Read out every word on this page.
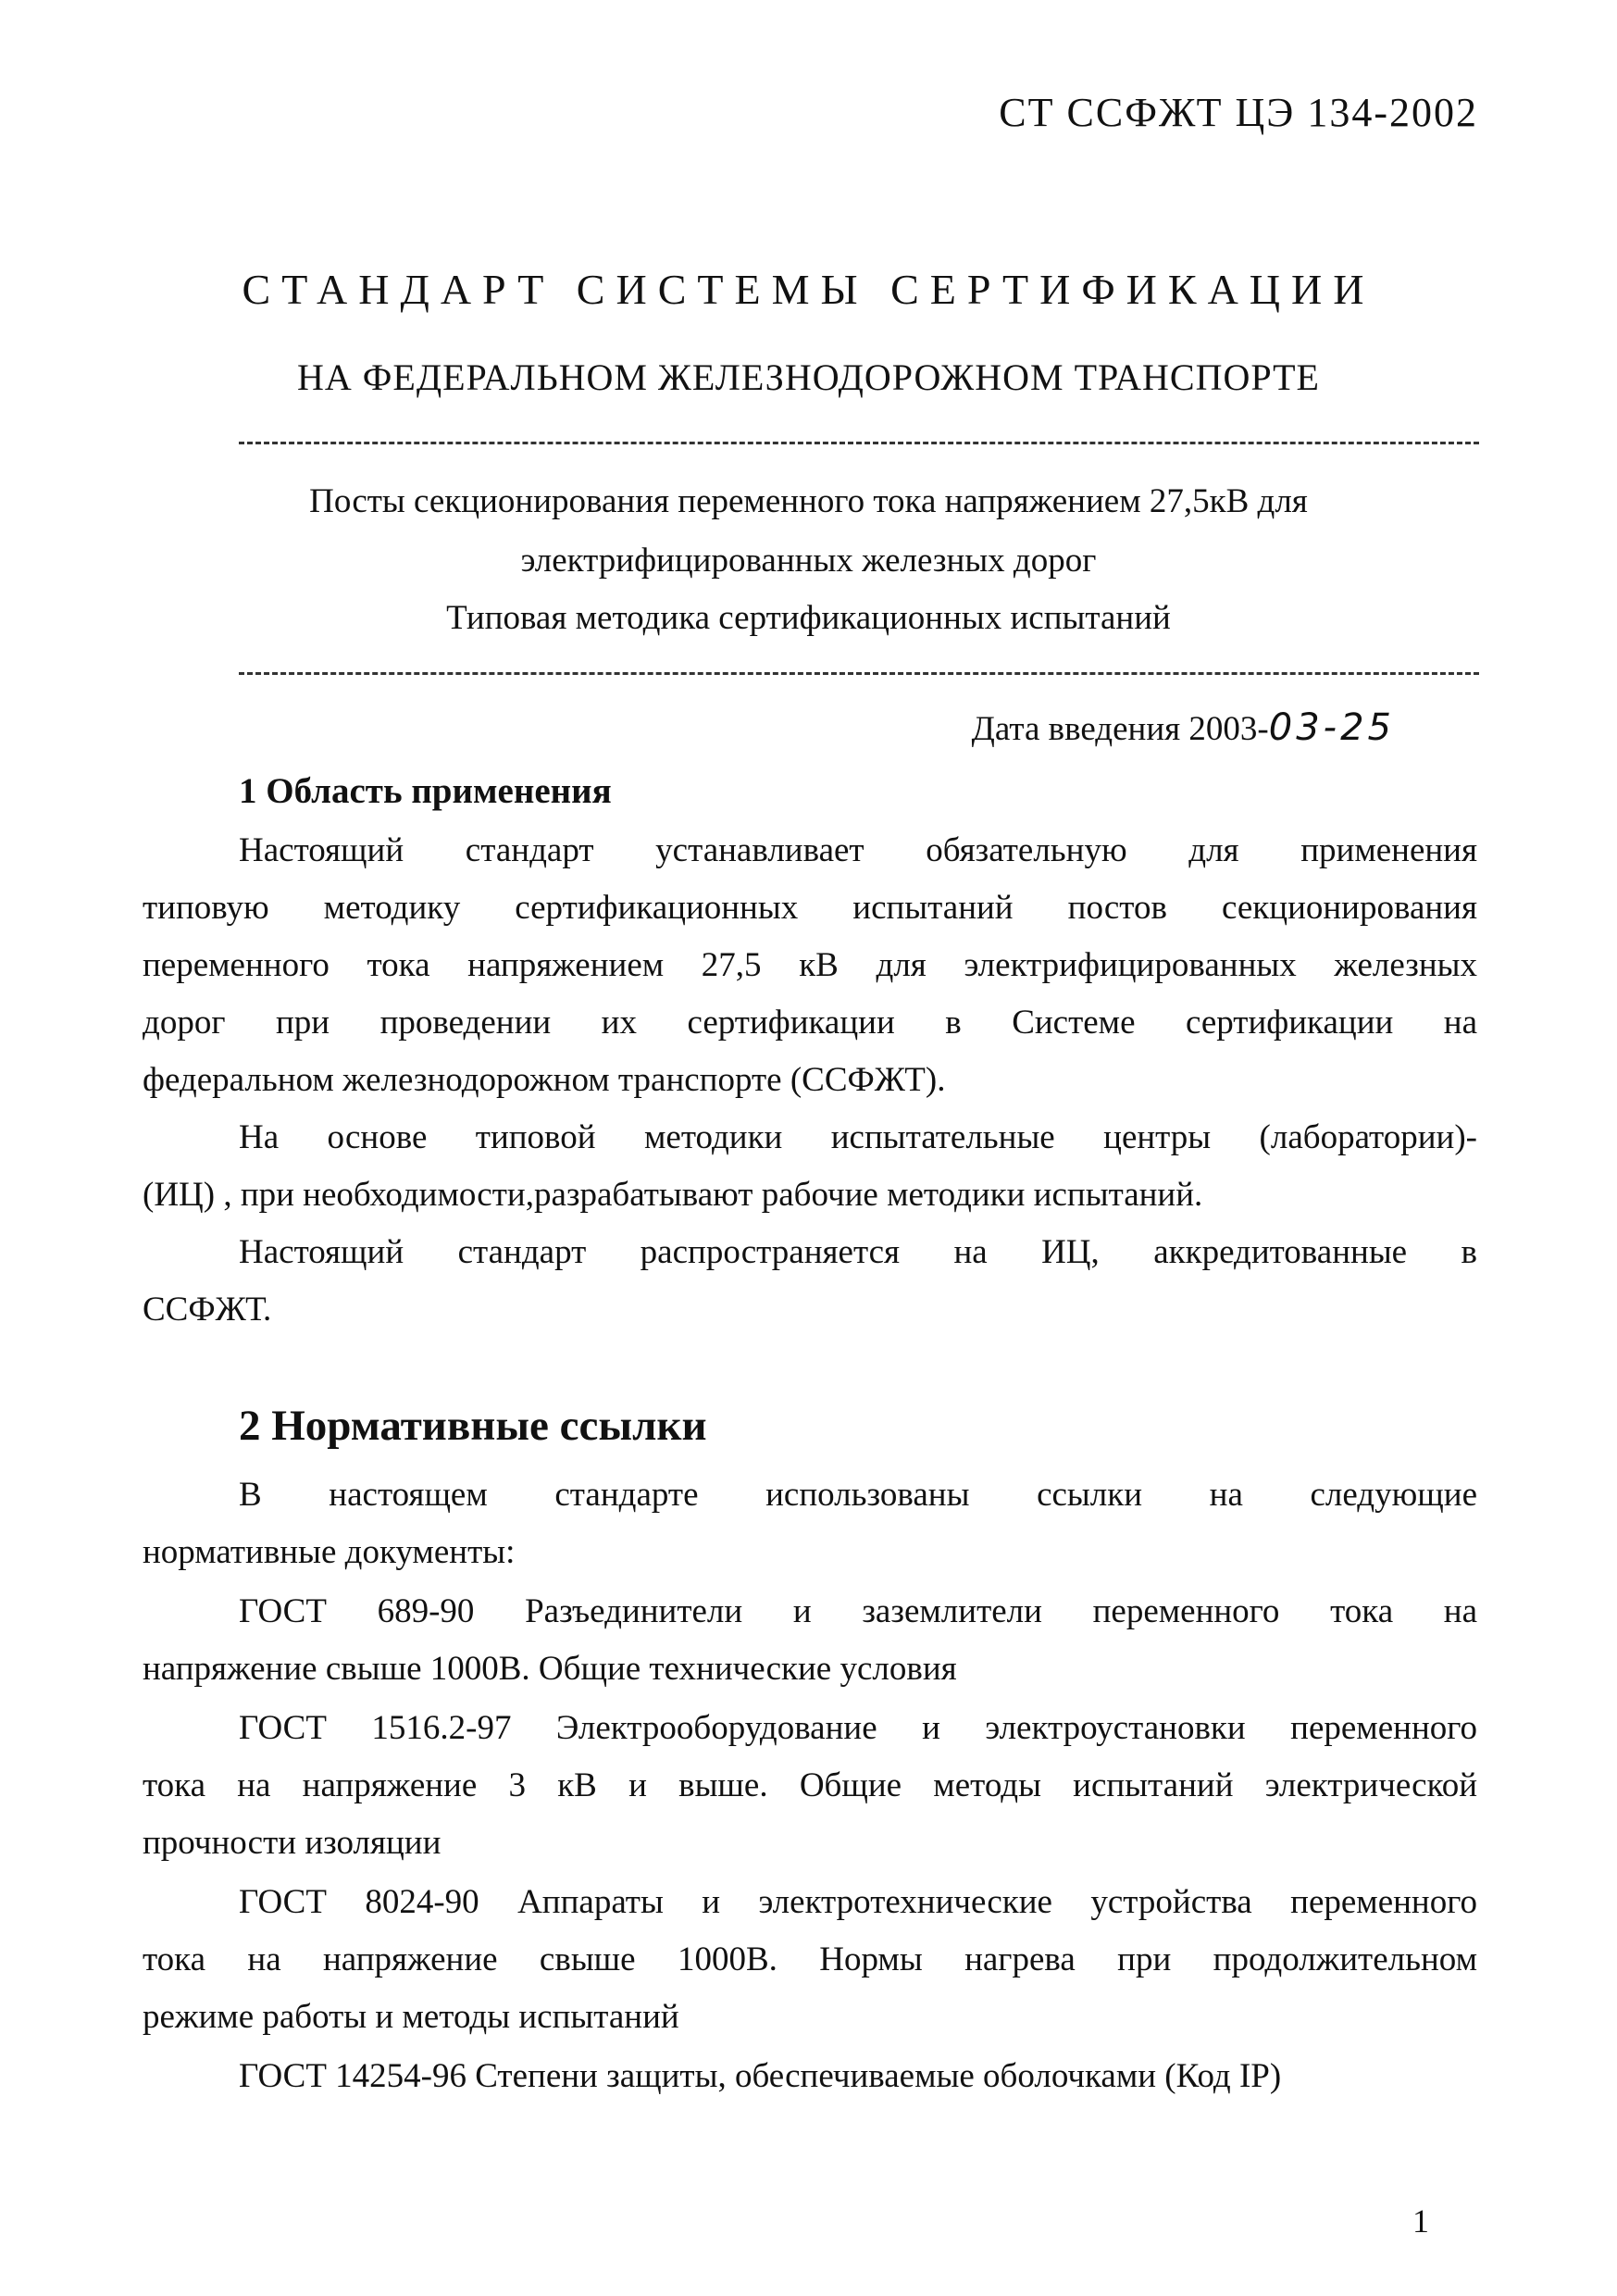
СТ ССФЖТ ЦЭ 134-2002
СТАНДАРТ СИСТЕМЫ СЕРТИФИКАЦИИ
НА ФЕДЕРАЛЬНОМ ЖЕЛЕЗНОДОРОЖНОМ ТРАНСПОРТЕ
Посты секционирования переменного тока напряжением 27,5кВ для
электрифицированных железных дорог
Типовая методика сертификационных испытаний
Дата введения 2003-03-25
1 Область применения
Настоящий стандарт устанавливает обязательную для применения
типовую методику сертификационных испытаний постов секционирования
переменного тока напряжением 27,5 кВ для электрифицированных железных
дорог при проведении их сертификации в Системе сертификации на
федеральном железнодорожном транспорте (ССФЖТ).
На основе типовой методики испытательные центры (лаборатории)-
(ИЦ) , при необходимости,разрабатывают рабочие методики испытаний.
Настоящий стандарт распространяется на ИЦ, аккредитованные в
ССФЖТ.
2 Нормативные ссылки
В настоящем стандарте использованы ссылки на следующие
нормативные документы:
ГОСТ 689-90 Разъединители и заземлители переменного тока на
напряжение свыше 1000В. Общие технические условия
ГОСТ 1516.2-97 Электрооборудование и электроустановки переменного
тока на напряжение 3 кВ и выше. Общие методы испытаний электрической
прочности изоляции
ГОСТ 8024-90 Аппараты и электротехнические устройства переменного
тока на напряжение свыше 1000В. Нормы нагрева при продолжительном
режиме работы и методы испытаний
ГОСТ 14254-96 Степени защиты, обеспечиваемые оболочками (Код IP)
1
